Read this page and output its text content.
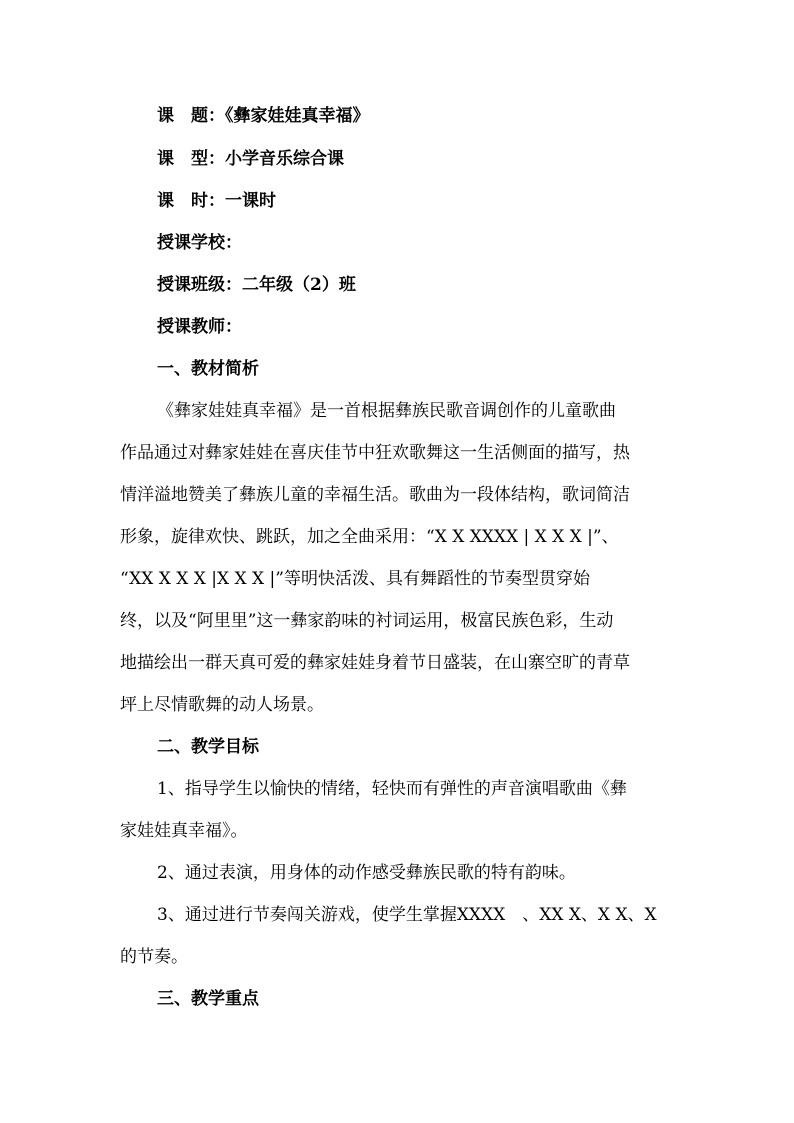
课　题：《彝家娃娃真幸福》
课　型：小学音乐综合课
课　时：一课时
授课学校：
授课班级：二年级（2）班
授课教师：
一、教材简析
《彝家娃娃真幸福》是一首根据彝族民歌音调创作的儿童歌曲
作品通过对彝家娃娃在喜庆佳节中狂欢歌舞这一生活侧面的描写，热
情洋溢地赞美了彝族儿童的幸福生活。歌曲为一段体结构，歌词简洁
形象，旋律欢快、跳跃，加之全曲采用：“X X XXXX | X X X |”、
“XX X X X |X X X |”等明快活泼、具有舞蹈性的节奏型贯穿始
终，以及“阿里里”这一彝家韵味的衬词运用，极富民族色彩，生动
地描绘出一群天真可爱的彝家娃娃身着节日盛装，在山寨空旷的青草
坪上尽情歌舞的动人场景。
二、教学目标
1、指导学生以愉快的情绪，轻快而有弹性的声音演唱歌曲《彝
家娃娃真幸福》。
2、通过表演，用身体的动作感受彝族民歌的特有韵味。
3、通过进行节奏闯关游戏，使学生掌握XXXX　、XX X、X X、X
的节奏。
三、教学重点
